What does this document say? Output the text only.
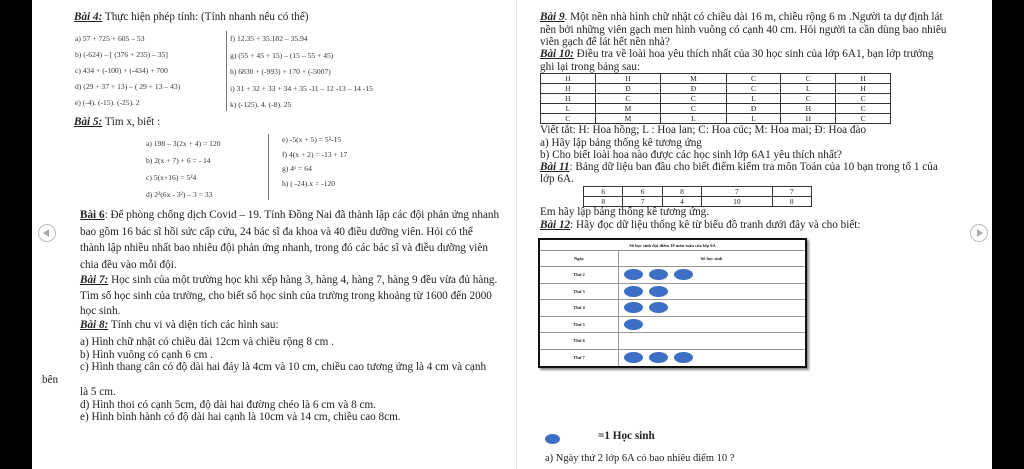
Bài 4: Thực hiện phép tính: (Tính nhanh nếu có thể)
a) 57 + 725 + 605 – 53
b) (-624) – [ (376 + 235) – 35]
c) 434 + (-100) + (-434) + 700
d) (29 + 37 + 13) – ( 29 + 13 – 43)
e) (-4). (-15). (-25). 2
f) 12.35 + 35.182 – 35.94
g) (55 + 45 + 15) – (15 – 55 + 45)
h) 6830 + (-993) + 170 + (-5007)
i) 31 + 32 + 33 + 34 + 35 -11 – 12 -13 – 14 -15
k) (-125). 4. (-8). 25
Bài 5: Tìm x, biết :
a) 198 – 3(2x + 4) = 120
b) 2(x + 7) + 6 = - 14
c) 5(x+16) = 5²4
d) 2²(6x - 3²) – 3 = 33
e) -5(x + 5) = 5²-15
f) 4(x + 2) = -13 + 17
g) 4ˣ = 64
h) ( -24).x = -120
Bài 6: Để phòng chống dịch Covid – 19. Tỉnh Đồng Nai đã thành lập các đội phản ứng nhanh
bao gồm 16 bác sĩ hồi sức cấp cứu, 24 bác sĩ đa khoa và 40 điều dưỡng viên. Hỏi có thể
thành lập nhiều nhất bao nhiêu đội phản ứng nhanh, trong đó các bác sĩ và điều dưỡng viên
chia đều vào mỗi đội.
Bài 7: Học sinh của một trường học khi xếp hàng 3, hàng 4, hàng 7, hàng 9 đều vừa đủ hàng.
Tìm số học sinh của trường, cho biết số học sinh của trường trong khoảng từ 1600 đến 2000
học sinh.
Bài 8: Tính chu vi và diện tích các hình sau:
a) Hình chữ nhật có chiều dài 12cm và chiều rộng 8 cm .
b) Hình vuông có cạnh 6 cm .
c) Hình thang cân có độ dài hai đáy là 4cm và 10 cm, chiều cao tương ứng là 4 cm và cạnh
bên
là 5 cm.
d) Hình thoi có cạnh 5cm, độ dài hai đường chéo là 6 cm và 8 cm.
e) Hình bình hành có độ dài hai cạnh là 10cm và 14 cm, chiều cao 8cm.
Bài 9. Một nền nhà hình chữ nhật có chiều dài 16 m, chiều rộng 6 m .Người ta dự định lát
nền bởi những viên gạch men hình vuông có cạnh 40 cm. Hỏi người ta cần dùng bao nhiêu
viên gạch để lát hết nền nhà?
Bài 10: Điều tra về loài hoa yêu thích nhất của 30 học sinh của lớp 6A1, bạn lớp trưởng
ghi lại trong bảng sau:
H	H	M	C	C	H
H	Đ	Đ	C	L	H
H	C	C	L	C	C
L	M	C	Đ	H	C
C	M	L	L	H	C
Viết tắt: H: Hoa hồng; L : Hoa lan; C: Hoa cúc; M: Hoa mai; Đ: Hoa đào
a) Hãy lập bảng thống kê tương ứng
b) Cho biết loài hoa nào được các học sinh lớp 6A1 yêu thích nhất?
Bài 11: Bảng dữ liệu ban đầu cho biết điểm kiểm tra môn Toán của 10 bạn trong tổ 1 của
lớp 6A.
6	6	8	7	7
8	7	4	10	8
Em hãy lập bảng thống kê tương ứng.
Bài 12: Hãy đọc dữ liệu thống kê từ biểu đồ tranh dưới đây và cho biết:
Số học sinh đạt điểm 10 môn toán của lớp 6A
Ngày	Số học sinh
Thứ 2
Thứ 3
Thứ 4
Thứ 5
Thứ 6
Thứ 7
=1 Học sinh
a) Ngày thứ 2 lớp 6A có bao nhiêu điểm 10 ?
